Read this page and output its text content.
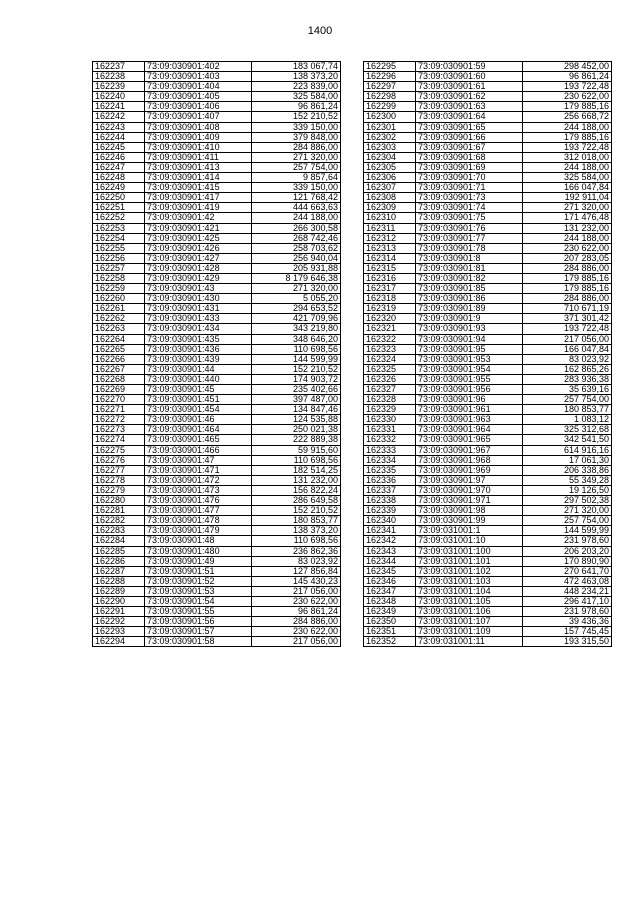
1400
162237	73:09:030901:402	183 067,74
162238	73:09:030901:403	138 373,20
162239	73:09:030901:404	223 839,00
162240	73:09:030901:405	325 584,00
162241	73:09:030901:406	96 861,24
162242	73:09:030901:407	152 210,52
162243	73:09:030901:408	339 150,00
162244	73:09:030901:409	379 848,00
162245	73:09:030901:410	284 886,00
162246	73:09:030901:411	271 320,00
162247	73:09:030901:413	257 754,00
162248	73:09:030901:414	9 857,64
162249	73:09:030901:415	339 150,00
162250	73:09:030901:417	121 768,42
162251	73:09:030901:419	444 663,63
162252	73:09:030901:42	244 188,00
162253	73:09:030901:421	266 300,58
162254	73:09:030901:425	268 742,46
162255	73:09:030901:426	258 703,62
162256	73:09:030901:427	256 940,04
162257	73:09:030901:428	205 931,88
162258	73:09:030901:429	8 179 646,38
162259	73:09:030901:43	271 320,00
162260	73:09:030901:430	5 055,20
162261	73:09:030901:431	294 653,52
162262	73:09:030901:433	421 709,96
162263	73:09:030901:434	343 219,80
162264	73:09:030901:435	348 646,20
162265	73:09:030901:436	110 698,56
162266	73:09:030901:439	144 599,99
162267	73:09:030901:44	152 210,52
162268	73:09:030901:440	174 903,72
162269	73:09:030901:45	235 402,66
162270	73:09:030901:451	397 487,00
162271	73:09:030901:454	134 847,46
162272	73:09:030901:46	124 535,88
162273	73:09:030901:464	250 021,38
162274	73:09:030901:465	222 889,38
162275	73:09:030901:466	59 915,60
162276	73:09:030901:47	110 698,56
162277	73:09:030901:471	182 514,25
162278	73:09:030901:472	131 232,00
162279	73:09:030901:473	156 822,24
162280	73:09:030901:476	286 649,58
162281	73:09:030901:477	152 210,52
162282	73:09:030901:478	180 853,77
162283	73:09:030901:479	138 373,20
162284	73:09:030901:48	110 698,56
162285	73:09:030901:480	236 862,36
162286	73:09:030901:49	83 023,92
162287	73:09:030901:51	127 856,84
162288	73:09:030901:52	145 430,23
162289	73:09:030901:53	217 056,00
162290	73:09:030901:54	230 622,00
162291	73:09:030901:55	96 861,24
162292	73:09:030901:56	284 886,00
162293	73:09:030901:57	230 622,00
162294	73:09:030901:58	217 056,00
162295	73:09:030901:59	298 452,00
162296	73:09:030901:60	96 861,24
162297	73:09:030901:61	193 722,48
162298	73:09:030901:62	230 622,00
162299	73:09:030901:63	179 885,16
162300	73:09:030901:64	256 668,72
162301	73:09:030901:65	244 188,00
162302	73:09:030901:66	179 885,16
162303	73:09:030901:67	193 722,48
162304	73:09:030901:68	312 018,00
162305	73:09:030901:69	244 188,00
162306	73:09:030901:70	325 584,00
162307	73:09:030901:71	166 047,84
162308	73:09:030901:73	192 911,04
162309	73:09:030901:74	271 320,00
162310	73:09:030901:75	171 476,48
162311	73:09:030901:76	131 232,00
162312	73:09:030901:77	244 188,00
162313	73:09:030901:78	230 622,00
162314	73:09:030901:8	207 283,05
162315	73:09:030901:81	284 886,00
162316	73:09:030901:82	179 885,16
162317	73:09:030901:85	179 885,16
162318	73:09:030901:86	284 886,00
162319	73:09:030901:89	710 671,19
162320	73:09:030901:9	371 301,42
162321	73:09:030901:93	193 722,48
162322	73:09:030901:94	217 056,00
162323	73:09:030901:95	166 047,84
162324	73:09:030901:953	83 023,92
162325	73:09:030901:954	162 865,26
162326	73:09:030901:955	283 936,38
162327	73:09:030901:956	35 639,16
162328	73:09:030901:96	257 754,00
162329	73:09:030901:961	180 853,77
162330	73:09:030901:963	1 083,12
162331	73:09:030901:964	325 312,68
162332	73:09:030901:965	342 541,50
162333	73:09:030901:967	614 916,16
162334	73:09:030901:968	17 061,30
162335	73:09:030901:969	206 338,86
162336	73:09:030901:97	55 349,28
162337	73:09:030901:970	19 126,50
162338	73:09:030901:971	297 502,38
162339	73:09:030901:98	271 320,00
162340	73:09:030901:99	257 754,00
162341	73:09:031001:1	144 599,99
162342	73:09:031001:10	231 978,60
162343	73:09:031001:100	206 203,20
162344	73:09:031001:101	170 890,90
162345	73:09:031001:102	270 641,70
162346	73:09:031001:103	472 463,08
162347	73:09:031001:104	448 234,21
162348	73:09:031001:105	296 417,10
162349	73:09:031001:106	231 978,60
162350	73:09:031001:107	39 436,36
162351	73:09:031001:109	157 745,45
162352	73:09:031001:11	193 315,50
